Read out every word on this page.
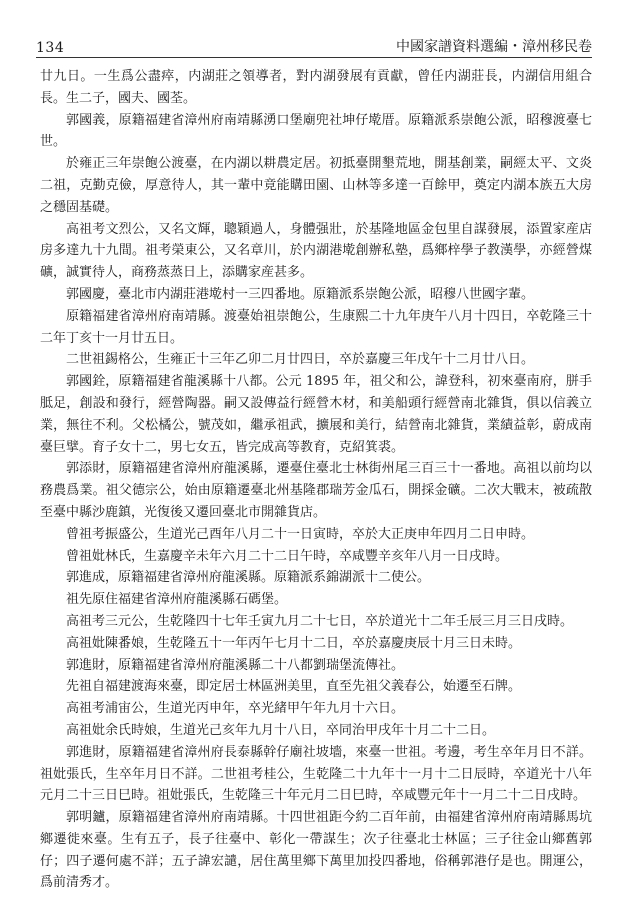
134	中國家譜資料選編・漳州移民卷

廿九日。一生爲公盡瘁，内湖莊之領導者，對内湖發展有貢獻，曾任内湖莊長，内湖信用組合長。生二子，國夫、國荃。

郭國義，原籍福建省漳州府南靖縣湧口堡廟兜社坤仔墘厝。原籍派系崇飽公派，昭穆渡臺七世。

於雍正三年崇飽公渡臺，在内湖以耕農定居。初抵臺開墾荒地，開基創業，嗣經太平、文炎二祖，克勤克儉，厚意待人，其一輩中竟能購田園、山林等多達一百餘甲，奠定内湖本族五大房之穩固基礎。

高祖考文烈公，又名文輝，聰穎過人，身體强壯，於基隆地區金包里自謀發展，添置家産店房多達九十九間。祖考榮東公，又名章川，於内湖港墘創辦私塾，爲鄉梓學子教漢學，亦經營煤礦，誠實待人，商務蒸蒸日上，添購家産甚多。

郭國慶，臺北市内湖莊港墘村一三四番地。原籍派系崇飽公派，昭穆八世國字輩。

原籍福建省漳州府南靖縣。渡臺始祖崇飽公，生康熙二十九年庚午八月十四日，卒乾隆三十二年丁亥十一月廿五日。

二世祖錫格公，生雍正十三年乙卯二月廿四日，卒於嘉慶三年戊午十二月廿八日。

郭國銓，原籍福建省龍溪縣十八都。公元 1895 年，祖父和公，諱登科，初來臺南府，胼手胝足，創設和發行，經營陶器。嗣又設傳益行經營木材，和美船頭行經營南北雜貨，俱以信義立業，無往不利。父松橘公，號茂如，繼承祖武，擴展和美行，結營南北雜貨，業績益彰，蔚成南臺巨擘。育子女十二，男七女五，皆完成高等教育，克紹箕裘。

郭添財，原籍福建省漳州府龍溪縣，遷臺住臺北士林街州尾三百三十一番地。高祖以前均以務農爲業。祖父德宗公，始由原籍遷臺北州基隆郡瑞芳金瓜石，開採金礦。二次大戰末，被疏散至臺中縣沙鹿鎮，光復後又遷回臺北市開雜貨店。

曾祖考振盛公，生道光己酉年八月二十一日寅時，卒於大正庚申年四月二日申時。

曾祖妣林氏，生嘉慶辛未年六月二十二日午時，卒咸豐辛亥年八月一日戌時。

郭進成，原籍福建省漳州府龍溪縣。原籍派系錦湖派十二使公。

祖先原住福建省漳州府龍溪縣石碼堡。

高祖考三元公，生乾隆四十七年壬寅九月二十七日，卒於道光十二年壬辰三月三日戌時。

高祖妣陳番娘，生乾隆五十一年丙午七月十二日，卒於嘉慶庚辰十月三日未時。

郭進財，原籍福建省漳州府龍溪縣二十八都劉瑞堡流傳社。

先祖自福建渡海來臺，即定居士林區洲美里，直至先祖父義春公，始遷至石牌。

高祖考浦宙公，生道光丙申年，卒光緒甲午年九月十六日。

高祖妣余氏時娘，生道光己亥年九月十八日，卒同治甲戌年十月二十二日。

郭進財，原籍福建省漳州府長泰縣幹仔廟社坡墻，來臺一世祖。考邊，考生卒年月日不詳。祖妣張氏，生卒年月日不詳。二世祖考桂公，生乾隆二十九年十一月十二日辰時，卒道光十八年元月二十三日巳時。祖妣張氏，生乾隆三十年元月二日巳時，卒咸豐元年十一月二十二日戌時。

郭明鑪，原籍福建省漳州府南靖縣。十四世祖距今約二百年前，由福建省漳州府南靖縣馬坑鄉遷徙來臺。生有五子，長子往臺中、彰化一帶謀生；次子往臺北士林區；三子往金山鄉舊郭仔；四子遷何處不詳；五子諱宏譴，居住萬里鄉下萬里加投四番地，俗稱郭港仔是也。開運公，爲前清秀才。
